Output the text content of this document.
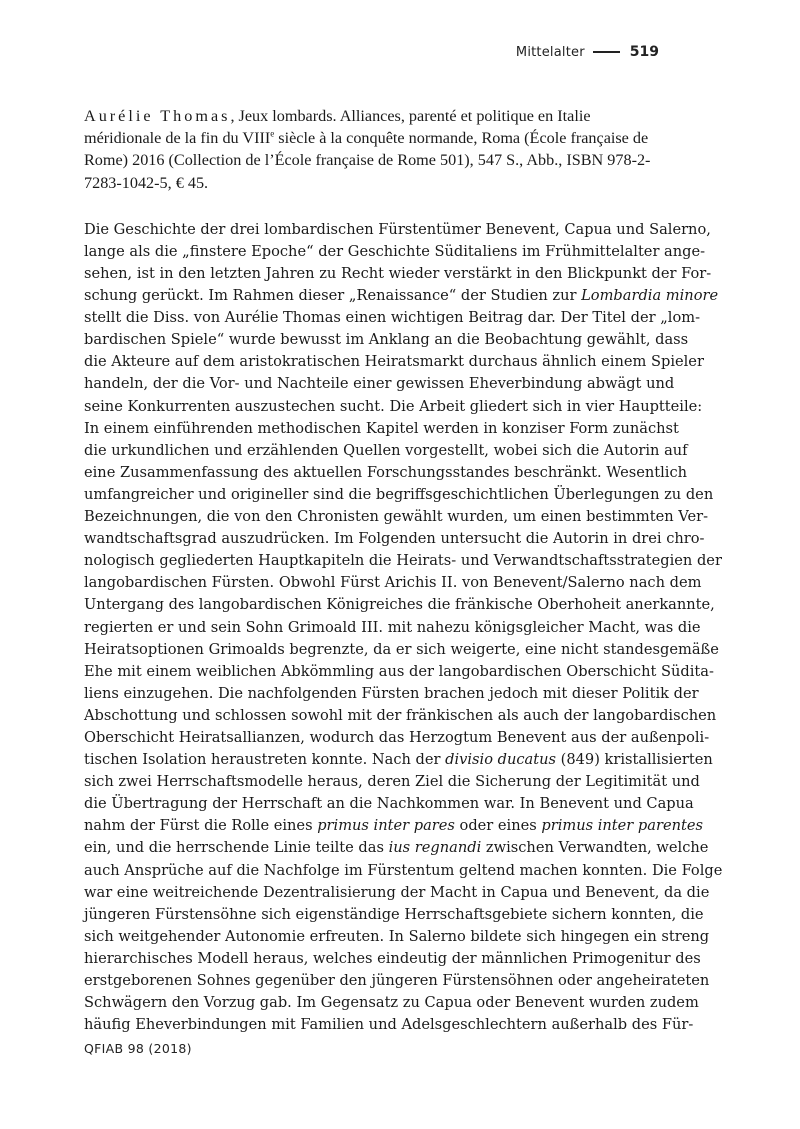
Mittelalter	519

Aurélie Thomas, Jeux lombards. Alliances, parenté et politique en Italie méridionale de la fin du VIIIe siècle à la conquête normande, Roma (École française de Rome) 2016 (Collection de l’École française de Rome 501), 547 S., Abb., ISBN 978-2-7283-1042-5, € 45.

Die Geschichte der drei lombardischen Fürstentümer Benevent, Capua und Salerno,
lange als die „finstere Epoche“ der Geschichte Süditaliens im Frühmittelalter ange-
sehen, ist in den letzten Jahren zu Recht wieder verstärkt in den Blickpunkt der For-
schung gerückt. Im Rahmen dieser „Renaissance“ der Studien zur Lombardia minore
stellt die Diss. von Aurélie Thomas einen wichtigen Beitrag dar. Der Titel der „lom-
bardischen Spiele“ wurde bewusst im Anklang an die Beobachtung gewählt, dass
die Akteure auf dem aristokratischen Heiratsmarkt durchaus ähnlich einem Spieler
handeln, der die Vor- und Nachteile einer gewissen Eheverbindung abwägt und
seine Konkurrenten auszustechen sucht. Die Arbeit gliedert sich in vier Hauptteile:
In einem einführenden methodischen Kapitel werden in konziser Form zunächst
die urkundlichen und erzählenden Quellen vorgestellt, wobei sich die Autorin auf
eine Zusammenfassung des aktuellen Forschungsstandes beschränkt. Wesentlich
umfangreicher und origineller sind die begriffsgeschichtlichen Überlegungen zu den
Bezeichnungen, die von den Chronisten gewählt wurden, um einen bestimmten Ver-
wandtschaftsgrad auszudrücken. Im Folgenden untersucht die Autorin in drei chro-
nologisch gegliederten Hauptkapiteln die Heirats- und Verwandtschaftsstrategien der
langobardischen Fürsten. Obwohl Fürst Arichis II. von Benevent/Salerno nach dem
Untergang des langobardischen Königreiches die fränkische Oberhoheit anerkannte,
regierten er und sein Sohn Grimoald III. mit nahezu königsgleicher Macht, was die
Heiratsoptionen Grimoalds begrenzte, da er sich weigerte, eine nicht standesgemäße
Ehe mit einem weiblichen Abkömmling aus der langobardischen Oberschicht Südita-
liens einzugehen. Die nachfolgenden Fürsten brachen jedoch mit dieser Politik der
Abschottung und schlossen sowohl mit der fränkischen als auch der langobardischen
Oberschicht Heiratsallianzen, wodurch das Herzogtum Benevent aus der außenpoli-
tischen Isolation heraustreten konnte. Nach der divisio ducatus (849) kristallisierten
sich zwei Herrschaftsmodelle heraus, deren Ziel die Sicherung der Legitimität und
die Übertragung der Herrschaft an die Nachkommen war. In Benevent und Capua
nahm der Fürst die Rolle eines primus inter pares oder eines primus inter parentes
ein, und die herrschende Linie teilte das ius regnandi zwischen Verwandten, welche
auch Ansprüche auf die Nachfolge im Fürstentum geltend machen konnten. Die Folge
war eine weitreichende Dezentralisierung der Macht in Capua und Benevent, da die
jüngeren Fürstensöhne sich eigenständige Herrschaftsgebiete sichern konnten, die
sich weitgehender Autonomie erfreuten. In Salerno bildete sich hingegen ein streng
hierarchisches Modell heraus, welches eindeutig der männlichen Primogenitur des
erstgeborenen Sohnes gegenüber den jüngeren Fürstensöhnen oder angeheirateten
Schwägern den Vorzug gab. Im Gegensatz zu Capua oder Benevent wurden zudem
häufig Eheverbindungen mit Familien und Adelsgeschlechtern außerhalb des Für-
QFIAB 98 (2018)
